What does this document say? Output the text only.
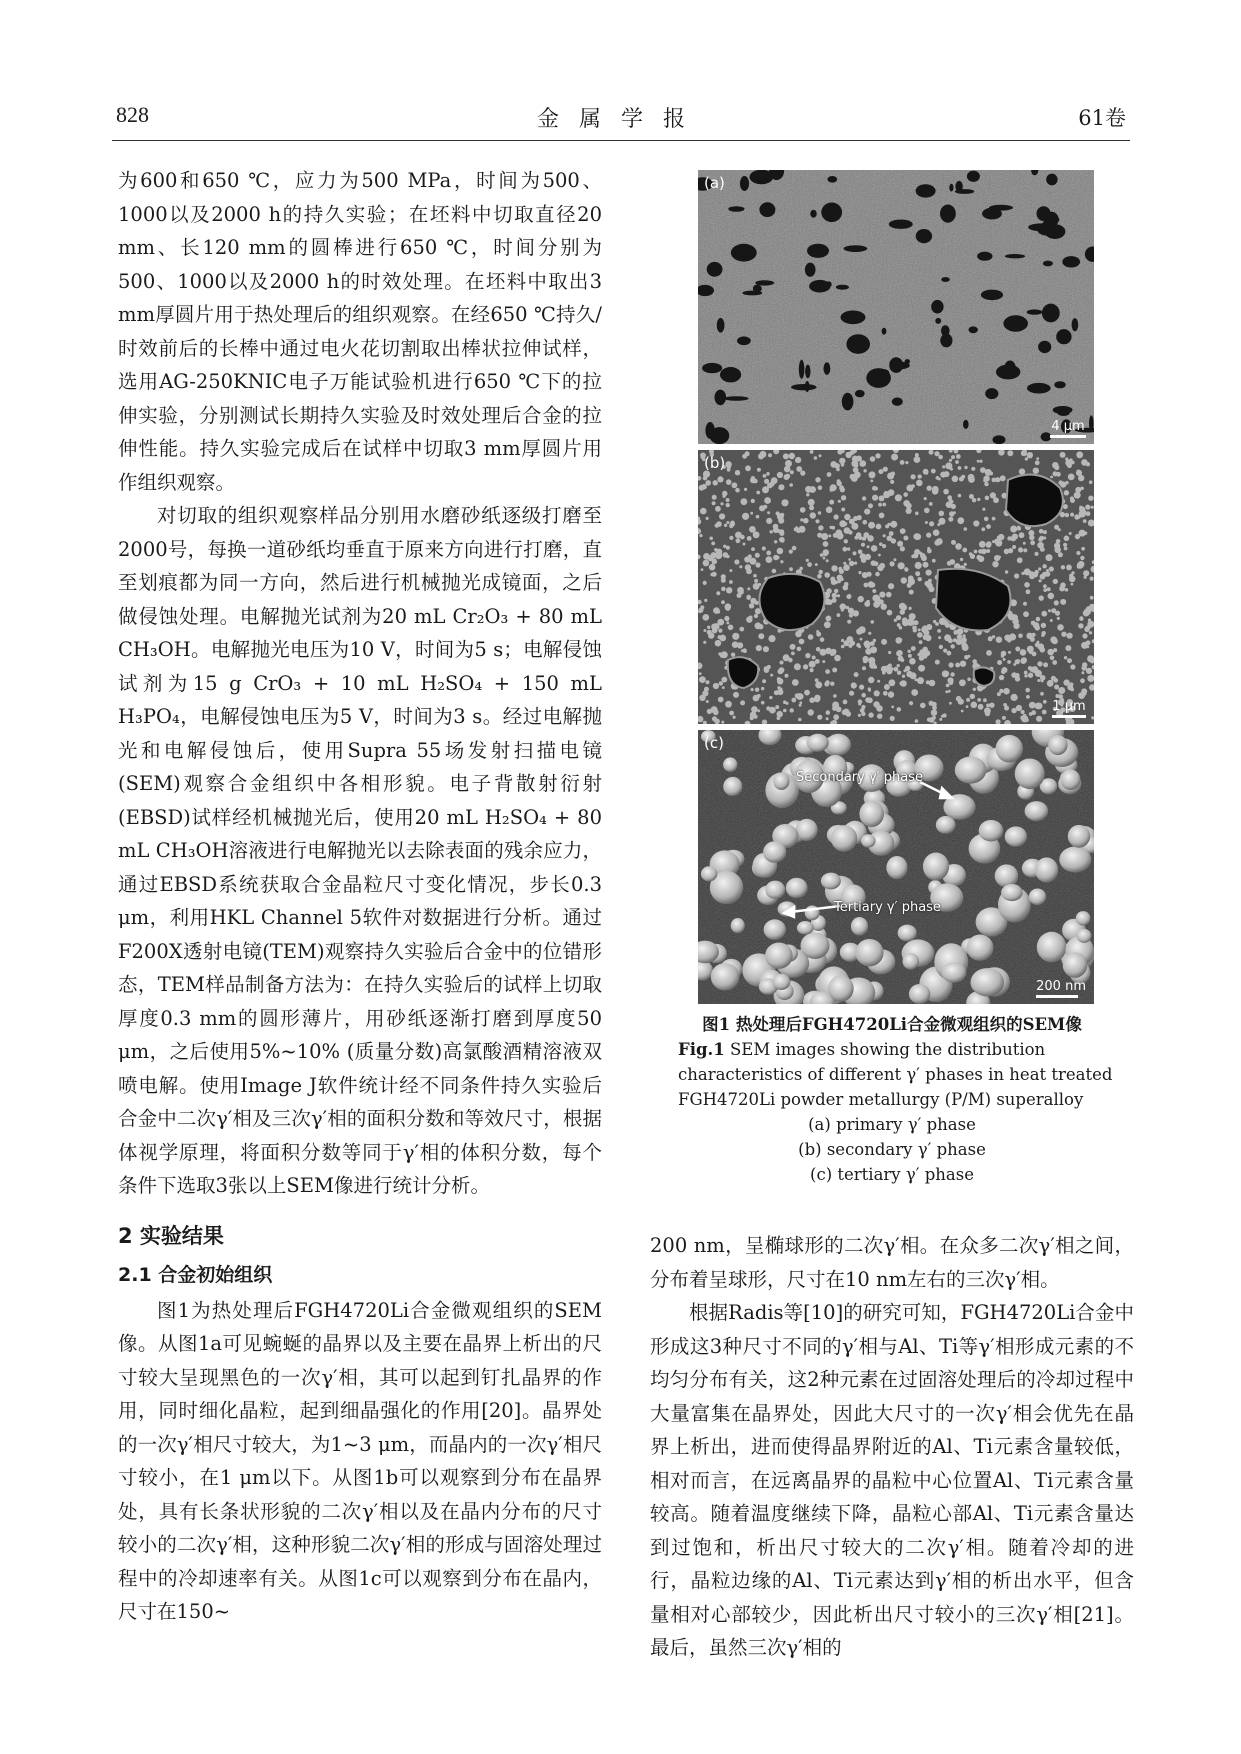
828	金属学报	61卷

为600和650 ℃，应力为500 MPa，时间为500、1000以及2000 h的持久实验；在坯料中切取直径20 mm、长120 mm的圆棒进行650 ℃，时间分别为500、1000以及2000 h的时效处理。在坯料中取出3 mm厚圆片用于热处理后的组织观察。在经650 ℃持久/时效前后的长棒中通过电火花切割取出棒状拉伸试样，选用AG-250KNIC电子万能试验机进行650 ℃下的拉伸实验，分别测试长期持久实验及时效处理后合金的拉伸性能。持久实验完成后在试样中切取3 mm厚圆片用作组织观察。

对切取的组织观察样品分别用水磨砂纸逐级打磨至2000号，每换一道砂纸均垂直于原来方向进行打磨，直至划痕都为同一方向，然后进行机械抛光成镜面，之后做侵蚀处理。电解抛光试剂为20 mL Cr₂O₃ + 80 mL CH₃OH。电解抛光电压为10 V，时间为5 s；电解侵蚀试剂为15 g CrO₃ + 10 mL H₂SO₄ + 150 mL H₃PO₄，电解侵蚀电压为5 V，时间为3 s。经过电解抛光和电解侵蚀后，使用Supra 55场发射扫描电镜(SEM)观察合金组织中各相形貌。电子背散射衍射(EBSD)试样经机械抛光后，使用20 mL H₂SO₄ + 80 mL CH₃OH溶液进行电解抛光以去除表面的残余应力，通过EBSD系统获取合金晶粒尺寸变化情况，步长0.3 μm，利用HKL Channel 5软件对数据进行分析。通过F200X透射电镜(TEM)观察持久实验后合金中的位错形态，TEM样品制备方法为：在持久实验后的试样上切取厚度0.3 mm的圆形薄片，用砂纸逐渐打磨到厚度50 μm，之后使用5%~10% (质量分数)高氯酸酒精溶液双喷电解。使用Image J软件统计经不同条件持久实验后合金中二次γ′相及三次γ′相的面积分数和等效尺寸，根据体视学原理，将面积分数等同于γ′相的体积分数，每个条件下选取3张以上SEM像进行统计分析。

2 实验结果
2.1 合金初始组织

图1为热处理后FGH4720Li合金微观组织的SEM像。从图1a可见蜿蜒的晶界以及主要在晶界上析出的尺寸较大呈现黑色的一次γ′相，其可以起到钉扎晶界的作用，同时细化晶粒，起到细晶强化的作用[20]。晶界处的一次γ′相尺寸较大，为1~3 μm，而晶内的一次γ′相尺寸较小，在1 μm以下。从图1b可以观察到分布在晶界处，具有长条状形貌的二次γ′相以及在晶内分布的尺寸较小的二次γ′相，这种形貌二次γ′相的形成与固溶处理过程中的冷却速率有关。从图1c可以观察到分布在晶内，尺寸在150~

(a)
4 μm
(b)
1 μm
(c)
Secondary γ′ phase
Tertiary γ′ phase
200 nm
图1 热处理后FGH4720Li合金微观组织的SEM像
Fig.1 SEM images showing the distribution characteristics of different γ′ phases in heat treated FGH4720Li powder metallurgy (P/M) superalloy
(a) primary γ′ phase
(b) secondary γ′ phase
(c) tertiary γ′ phase

200 nm，呈椭球形的二次γ′相。在众多二次γ′相之间，分布着呈球形，尺寸在10 nm左右的三次γ′相。

根据Radis等[10]的研究可知，FGH4720Li合金中形成这3种尺寸不同的γ′相与Al、Ti等γ′相形成元素的不均匀分布有关，这2种元素在过固溶处理后的冷却过程中大量富集在晶界处，因此大尺寸的一次γ′相会优先在晶界上析出，进而使得晶界附近的Al、Ti元素含量较低，相对而言，在远离晶界的晶粒中心位置Al、Ti元素含量较高。随着温度继续下降，晶粒心部Al、Ti元素含量达到过饱和，析出尺寸较大的二次γ′相。随着冷却的进行，晶粒边缘的Al、Ti元素达到γ′相的析出水平，但含量相对心部较少，因此析出尺寸较小的三次γ′相[21]。最后，虽然三次γ′相的
